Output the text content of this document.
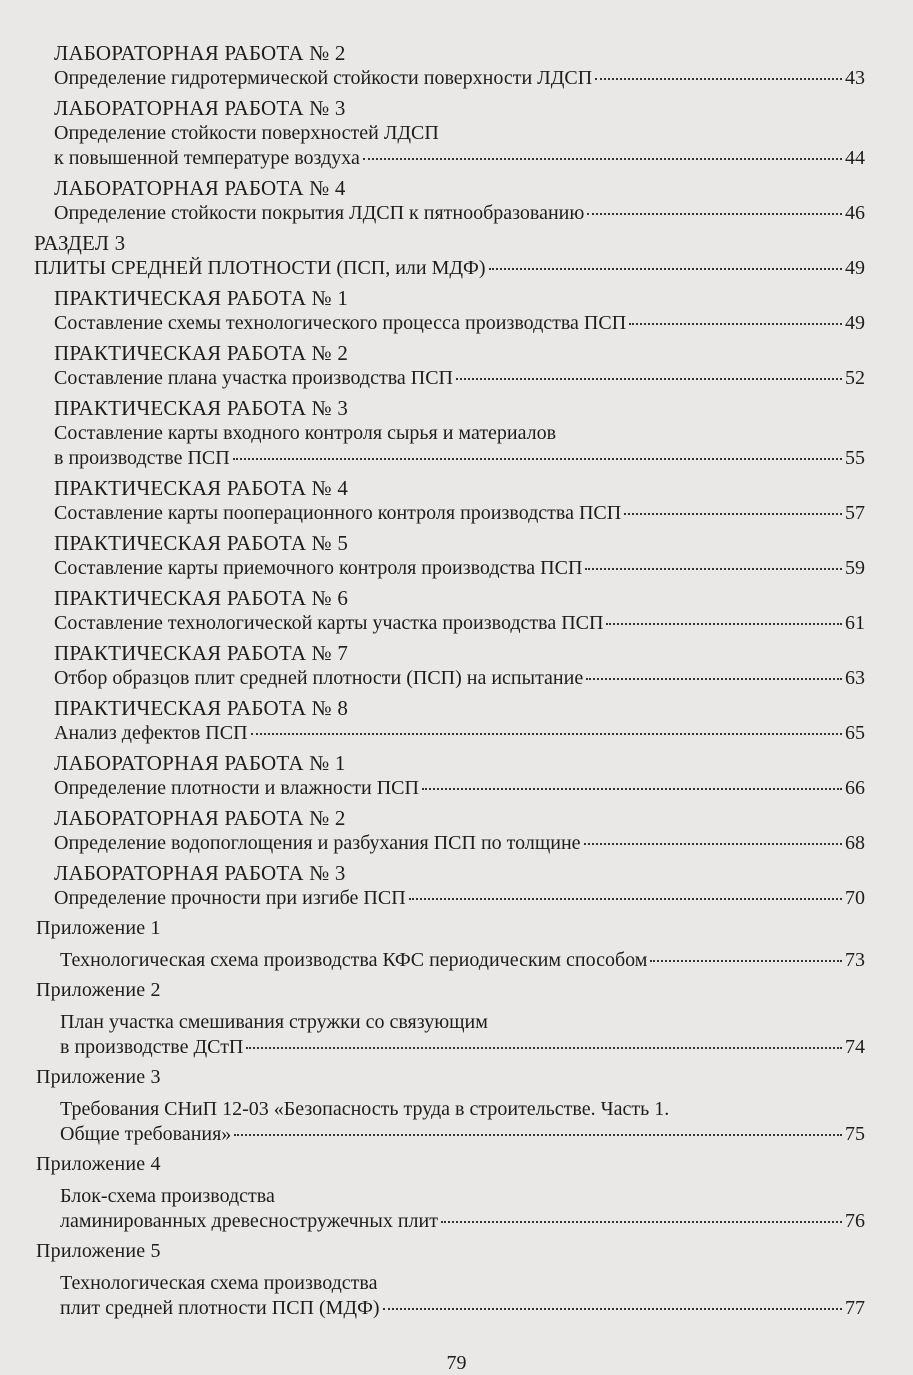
ЛАБОРАТОРНАЯ РАБОТА № 2
Определение гидротермической стойкости поверхности ЛДСП	43
ЛАБОРАТОРНАЯ РАБОТА № 3
Определение стойкости поверхностей ЛДСП
к повышенной температуре воздуха	44
ЛАБОРАТОРНАЯ РАБОТА № 4
Определение стойкости покрытия ЛДСП к пятнообразованию	46
РАЗДЕЛ 3
ПЛИТЫ СРЕДНЕЙ ПЛОТНОСТИ (ПСП, или МДФ)	49
ПРАКТИЧЕСКАЯ РАБОТА № 1
Составление схемы технологического процесса производства ПСП	49
ПРАКТИЧЕСКАЯ РАБОТА № 2
Составление плана участка производства ПСП	52
ПРАКТИЧЕСКАЯ РАБОТА № 3
Составление карты входного контроля сырья и материалов
в производстве ПСП	55
ПРАКТИЧЕСКАЯ РАБОТА № 4
Составление карты пооперационного контроля производства ПСП	57
ПРАКТИЧЕСКАЯ РАБОТА № 5
Составление карты приемочного контроля производства ПСП	59
ПРАКТИЧЕСКАЯ РАБОТА № 6
Составление технологической карты участка производства ПСП	61
ПРАКТИЧЕСКАЯ РАБОТА № 7
Отбор образцов плит средней плотности (ПСП) на испытание	63
ПРАКТИЧЕСКАЯ РАБОТА № 8
Анализ дефектов ПСП	65
ЛАБОРАТОРНАЯ РАБОТА № 1
Определение плотности и влажности ПСП	66
ЛАБОРАТОРНАЯ РАБОТА № 2
Определение водопоглощения и разбухания ПСП по толщине	68
ЛАБОРАТОРНАЯ РАБОТА № 3
Определение прочности при изгибе ПСП	70
Приложение 1
Технологическая схема производства КФС периодическим способом	73
Приложение 2
План участка смешивания стружки со связующим
в производстве ДСтП	74
Приложение 3
Требования СНиП 12-03 «Безопасность труда в строительстве. Часть 1.
Общие требования»	75
Приложение 4
Блок-схема производства
ламинированных древесностружечных плит	76
Приложение 5
Технологическая схема производства
плит средней плотности ПСП (МДФ)	77
79
